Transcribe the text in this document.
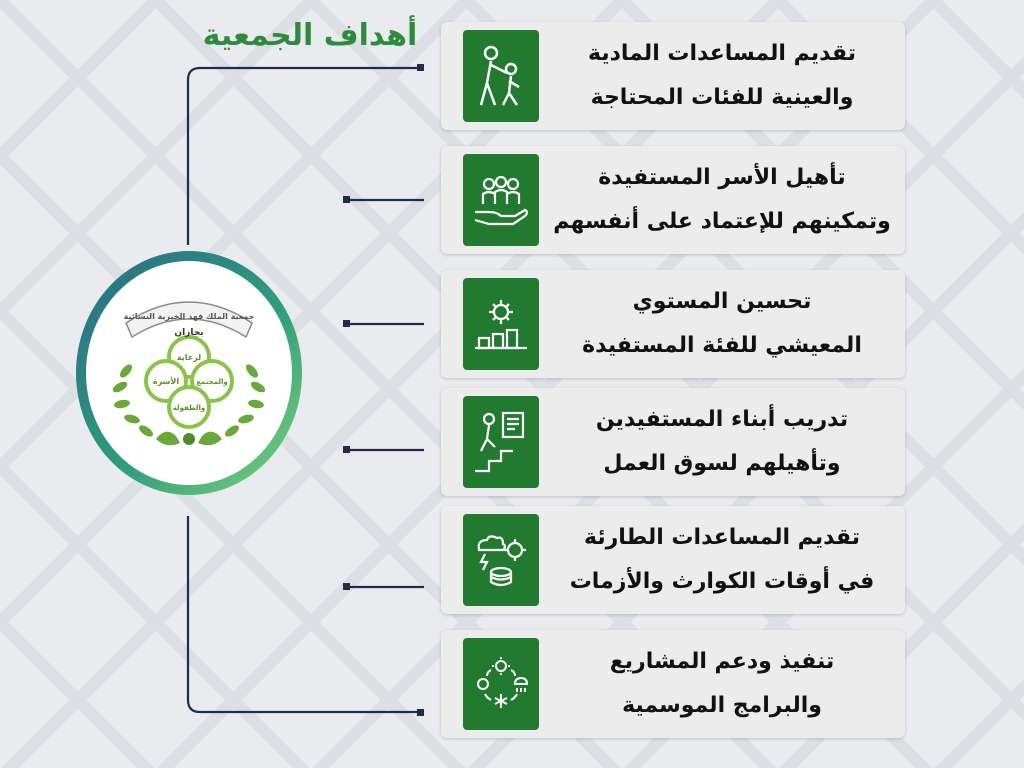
أهداف الجمعية
جمعية الملك فهد الخيرية النسائية
بجازان
لرعاية
الأسرة والمجتمع
والطفولة
تقديم المساعدات المادية
والعينية للفئات المحتاجة
تأهيل الأسر المستفيدة
وتمكينهم للإعتماد على أنفسهم
تحسين المستوي
المعيشي للفئة المستفيدة
تدريب أبناء المستفيدين
وتأهيلهم لسوق العمل
تقديم المساعدات الطارئة
في أوقات الكوارث والأزمات
تنفيذ ودعم المشاريع
والبرامج الموسمية
